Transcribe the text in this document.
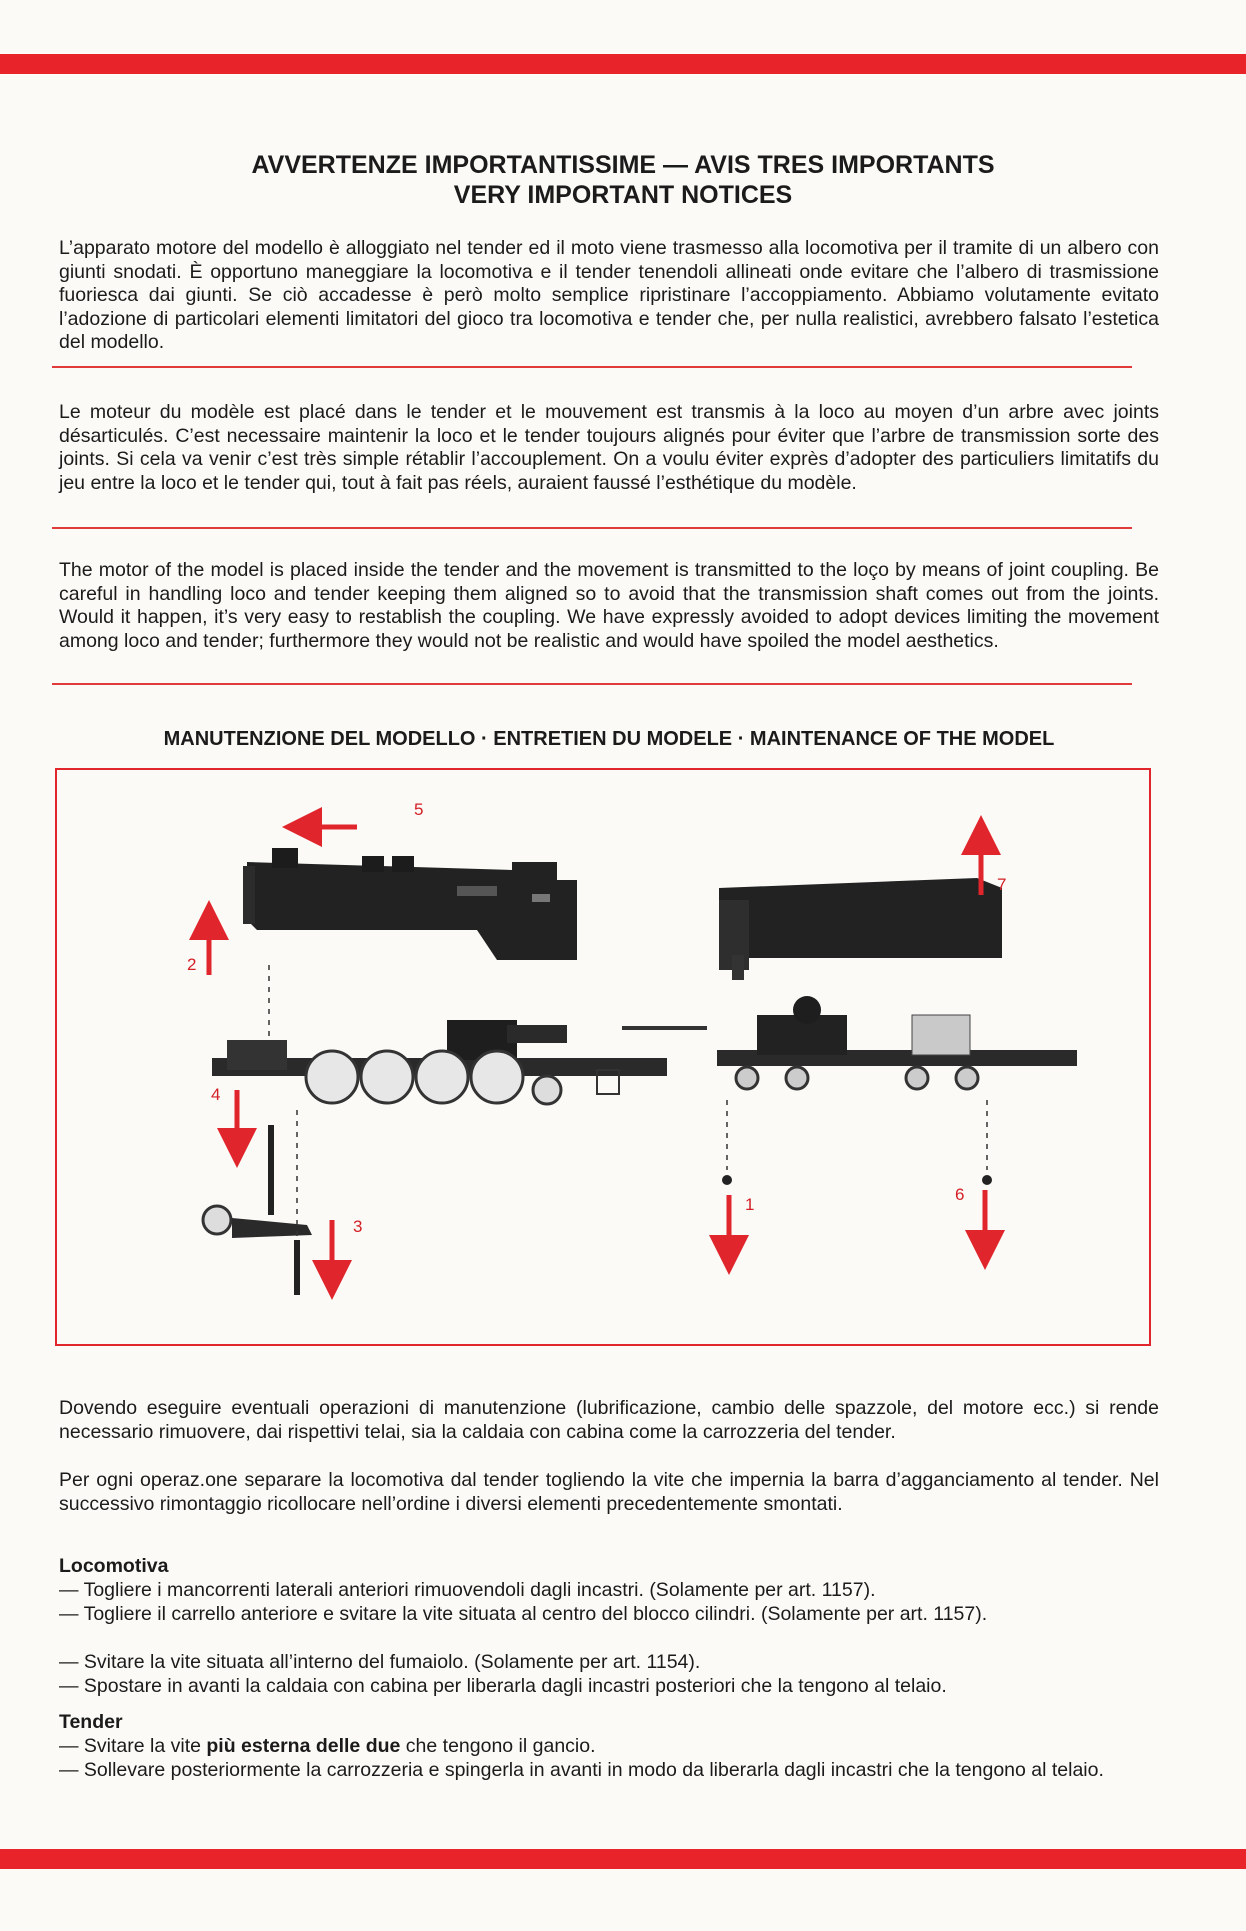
AVVERTENZE IMPORTANTISSIME — AVIS TRES IMPORTANTS
VERY IMPORTANT NOTICES

L’apparato motore del modello è alloggiato nel tender ed il moto viene trasmesso alla locomotiva per il tramite di un albero con giunti snodati. È opportuno maneggiare la locomotiva e il tender tenendoli allineati onde evitare che l’albero di trasmissione fuoriesca dai giunti. Se ciò accadesse è però molto semplice ripristinare l’accoppiamento. Abbiamo volutamente evitato l’adozione di particolari elementi limitatori del gioco tra locomotiva e tender che, per nulla realistici, avrebbero falsato l’estetica del modello.

Le moteur du modèle est placé dans le tender et le mouvement est transmis à la loco au moyen d’un arbre avec joints désarticulés. C’est necessaire maintenir la loco et le tender toujours alignés pour éviter que l’arbre de transmission sorte des joints. Si cela va venir c’est très simple rétablir l’accouplement. On a voulu éviter exprès d’adopter des particuliers limitatifs du jeu entre la loco et le tender qui, tout à fait pas réels, auraient faussé l’esthétique du modèle.

The motor of the model is placed inside the tender and the movement is transmitted to the loço by means of joint coupling. Be careful in handling loco and tender keeping them aligned so to avoid that the transmission shaft comes out from the joints. Would it happen, it’s very easy to restablish the coupling. We have expressly avoided to adopt devices limiting the movement among loco and tender; furthermore they would not be realistic and would have spoiled the model aesthetics.

MANUTENZIONE DEL MODELLO · ENTRETIEN DU MODELE · MAINTENANCE OF THE MODEL
1
2
3
4
5
6
7

Dovendo eseguire eventuali operazioni di manutenzione (lubrificazione, cambio delle spazzole, del motore ecc.) si rende necessario rimuovere, dai rispettivi telai, sia la caldaia con cabina come la carrozzeria del tender.

Per ogni operaz.one separare la locomotiva dal tender togliendo la vite che impernia la barra d’agganciamento al tender. Nel successivo rimontaggio ricollocare nell’ordine i diversi elementi precedentemente smontati.

Locomotiva

— Togliere i mancorrenti laterali anteriori rimuovendoli dagli incastri. (Solamente per art. 1157).

— Togliere il carrello anteriore e svitare la vite situata al centro del blocco cilindri. (Solamente per art. 1157).

— Svitare la vite situata all’interno del fumaiolo. (Solamente per art. 1154).

— Spostare in avanti la caldaia con cabina per liberarla dagli incastri posteriori che la tengono al telaio.

Tender

— Svitare la vite più esterna delle due che tengono il gancio.

— Sollevare posteriormente la carrozzeria e spingerla in avanti in modo da liberarla dagli incastri che la tengono al telaio.
